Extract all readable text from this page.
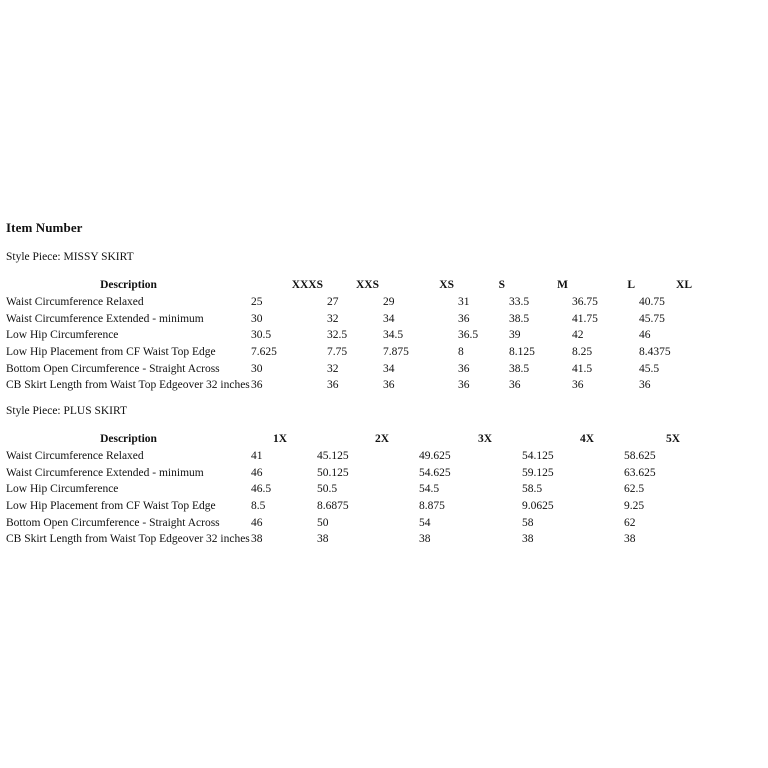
Item Number
Style Piece: MISSY SKIRT
Description	XXXS	XXS	XS	S	M	L	XL
Waist Circumference Relaxed	25	27	29	31	33.5	36.75	40.75
Waist Circumference Extended - minimum	30	32	34	36	38.5	41.75	45.75
Low Hip Circumference	30.5	32.5	34.5	36.5	39	42	46
Low Hip Placement from CF Waist Top Edge	7.625	7.75	7.875	8	8.125	8.25	8.4375
Bottom Open Circumference - Straight Across	30	32	34	36	38.5	41.5	45.5
CB Skirt Length from Waist Top Edgeover 32 inches	36	36	36	36	36	36	36
Style Piece: PLUS SKIRT
Description	1X	2X	3X	4X	5X
Waist Circumference Relaxed	41	45.125	49.625	54.125	58.625
Waist Circumference Extended - minimum	46	50.125	54.625	59.125	63.625
Low Hip Circumference	46.5	50.5	54.5	58.5	62.5
Low Hip Placement from CF Waist Top Edge	8.5	8.6875	8.875	9.0625	9.25
Bottom Open Circumference - Straight Across	46	50	54	58	62
CB Skirt Length from Waist Top Edgeover 32 inches	38	38	38	38	38
